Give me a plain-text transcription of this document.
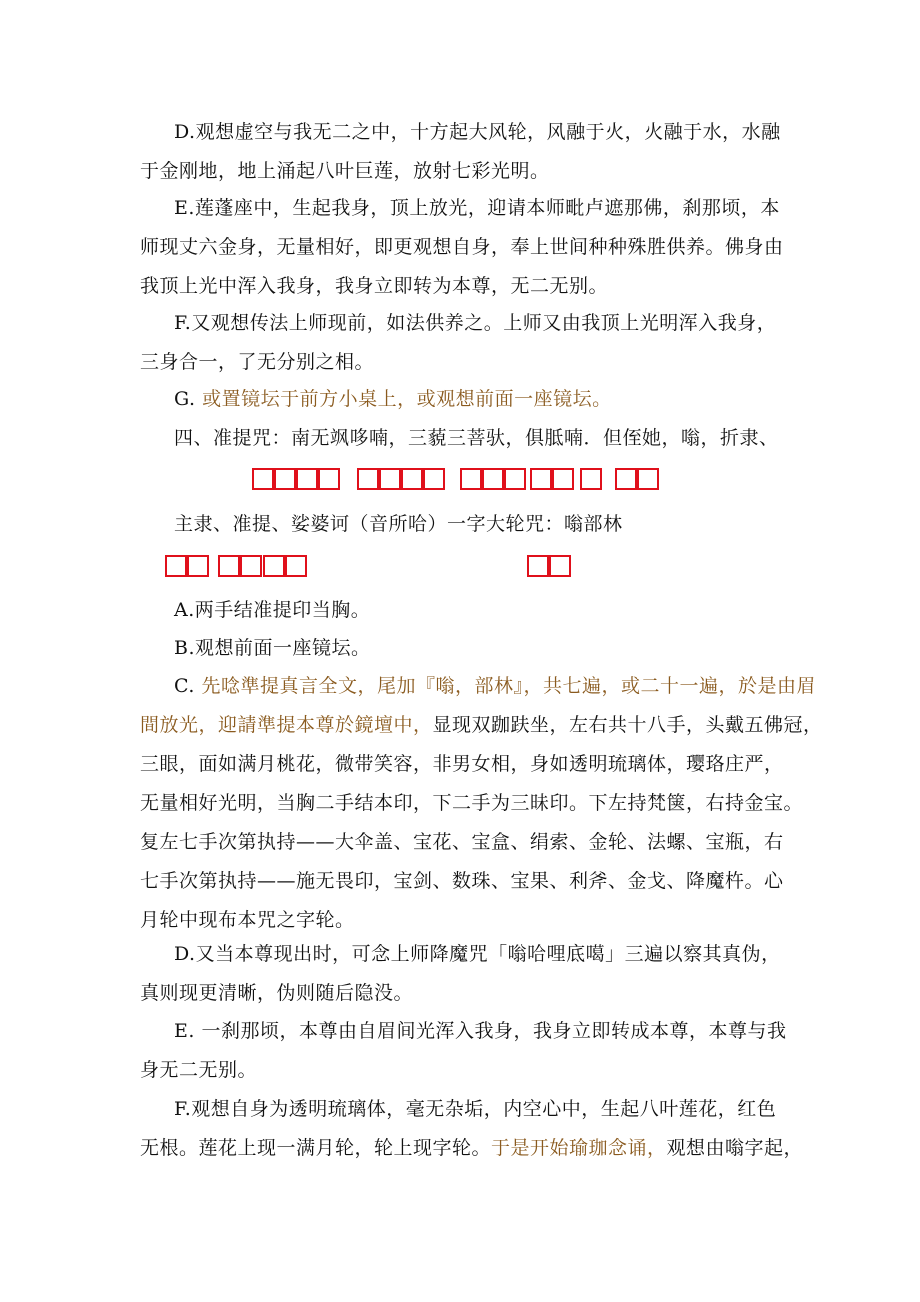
D.观想虚空与我无二之中，十方起大风轮，风融于火，火融于水，水融
于金刚地，地上涌起八叶巨莲，放射七彩光明。

E.莲蓬座中，生起我身，顶上放光，迎请本师毗卢遮那佛，刹那顷，本
师现丈六金身，无量相好，即更观想自身，奉上世间种种殊胜供养。佛身由
我顶上光中浑入我身，我身立即转为本尊，无二无别。

F.又观想传法上师现前，如法供养之。上师又由我顶上光明浑入我身，
三身合一，了无分别之相。

G. 或置镜坛于前方小桌上，或观想前面一座镜坛。

四、准提咒：南无飒哆喃，三藐三菩驮，俱胝喃．但侄她，嗡，折隶、

主隶、准提、娑婆诃（音所哈）一字大轮咒：嗡部林

A.两手结准提印当胸。

B.观想前面一座镜坛。

C. 先唸準提真言全文，尾加『嗡，部林』，共七遍，或二十一遍，於是由眉
間放光，迎請準提本尊於鏡壇中，显现双跏趺坐，左右共十八手，头戴五佛冠，
三眼，面如满月桃花，微带笑容，非男女相，身如透明琉璃体，璎珞庄严，
无量相好光明，当胸二手结本印，下二手为三昧印。下左持梵箧，右持金宝。
复左七手次第执持——大伞盖、宝花、宝盒、绢索、金轮、法螺、宝瓶，右
七手次第执持——施无畏印，宝剑、数珠、宝果、利斧、金戈、降魔杵。心
月轮中现布本咒之字轮。

D.又当本尊现出时，可念上师降魔咒「嗡哈哩底噶」三遍以察其真伪，
真则现更清晰，伪则随后隐没。

E. 一刹那顷，本尊由自眉间光浑入我身，我身立即转成本尊，本尊与我
身无二无别。

F.观想自身为透明琉璃体，毫无杂垢，内空心中，生起八叶莲花，红色
无根。莲花上现一满月轮，轮上现字轮。于是开始瑜珈念诵，观想由嗡字起，
